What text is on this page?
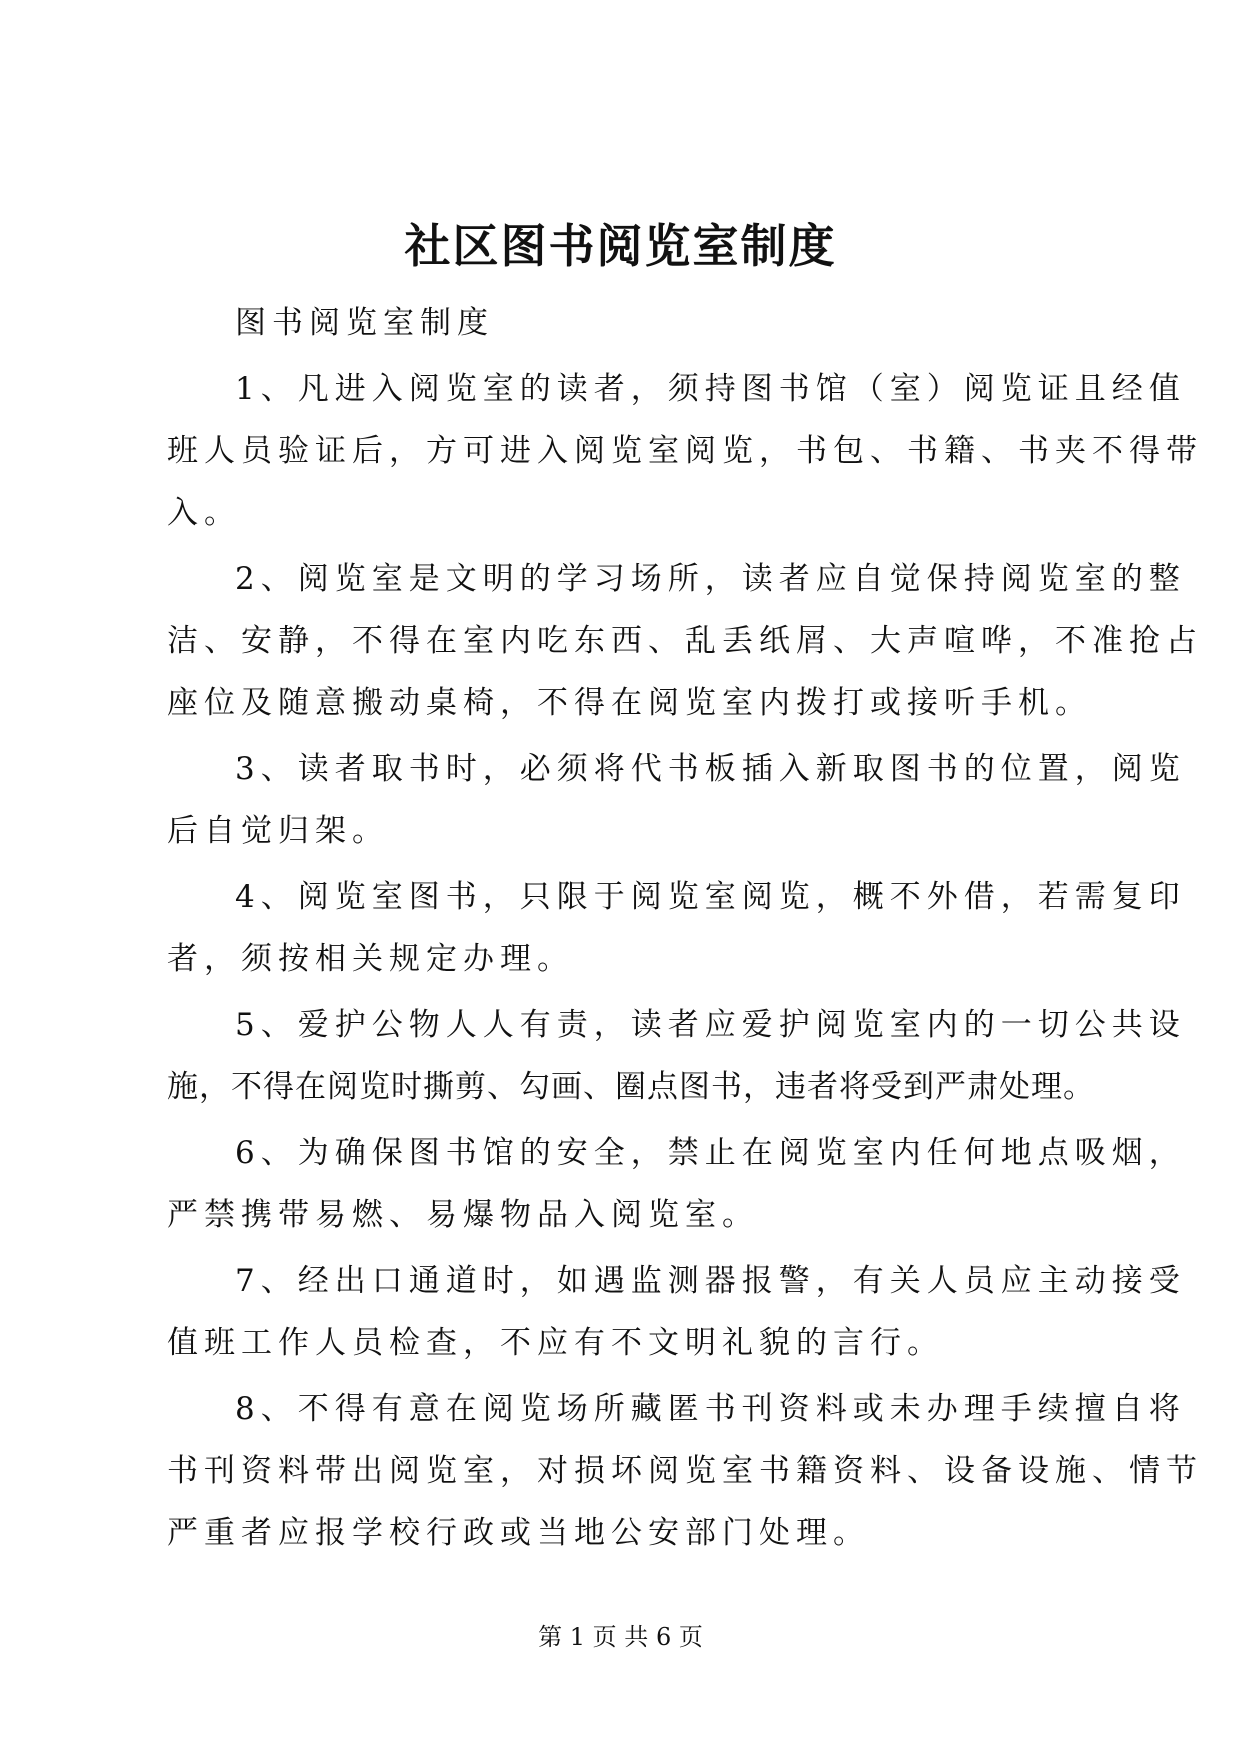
社区图书阅览室制度
图书阅览室制度
1、凡进入阅览室的读者，须持图书馆（室）阅览证且经值
班人员验证后，方可进入阅览室阅览，书包、书籍、书夹不得带
入。
2、阅览室是文明的学习场所，读者应自觉保持阅览室的整
洁、安静，不得在室内吃东西、乱丢纸屑、大声喧哗，不准抢占
座位及随意搬动桌椅，不得在阅览室内拨打或接听手机。
3、读者取书时，必须将代书板插入新取图书的位置，阅览
后自觉归架。
4、阅览室图书，只限于阅览室阅览，概不外借，若需复印
者，须按相关规定办理。
5、爱护公物人人有责，读者应爱护阅览室内的一切公共设
施，不得在阅览时撕剪、勾画、圈点图书，违者将受到严肃处理。
6、为确保图书馆的安全，禁止在阅览室内任何地点吸烟，
严禁携带易燃、易爆物品入阅览室。
7、经出口通道时，如遇监测器报警，有关人员应主动接受
值班工作人员检查，不应有不文明礼貌的言行。
8、不得有意在阅览场所藏匿书刊资料或未办理手续擅自将
书刊资料带出阅览室，对损坏阅览室书籍资料、设备设施、情节
严重者应报学校行政或当地公安部门处理。
第 1 页 共 6 页
